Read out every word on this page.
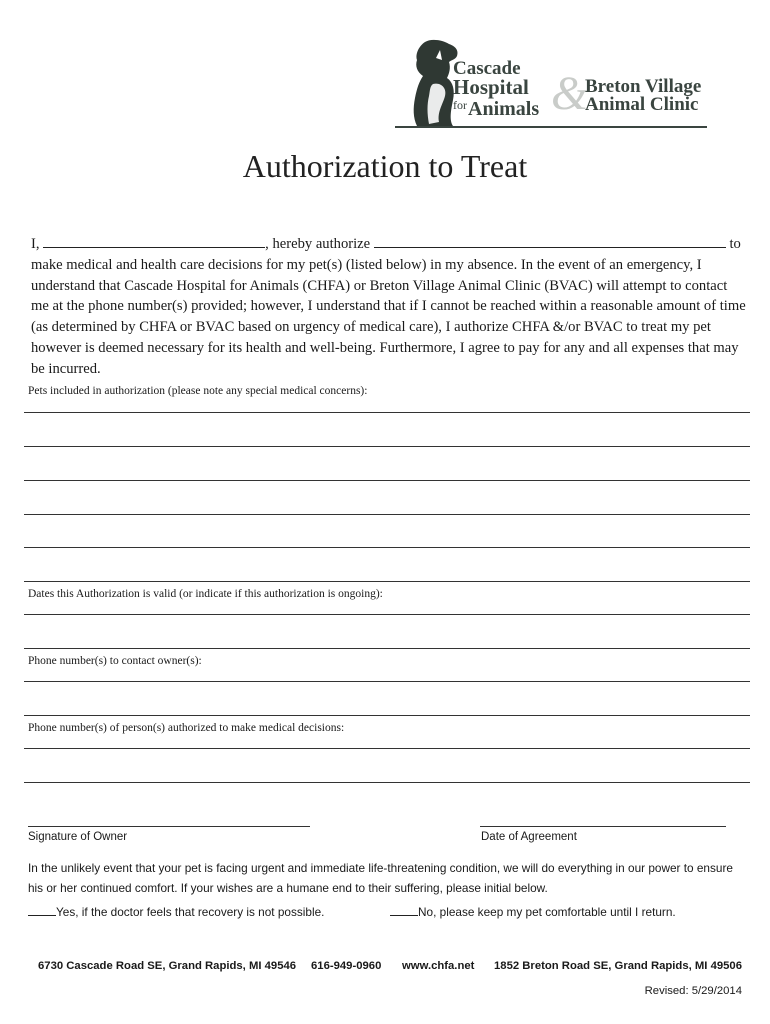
Cascade
Hospital
$^{for}$Animals &
Breton Village
Animal Clinic
Authorization to Treat
I,	, hereby authorize	to make medical and health care decisions for my pet(s) (listed below) in my absence. In the event of an emergency, I understand that Cascade Hospital for Animals (CHFA) or Breton Village Animal Clinic (BVAC) will attempt to contact me at the phone number(s) provided; however, I understand that if I cannot be reached within a reasonable amount of time (as determined by CHFA or BVAC based on urgency of medical care), I authorize CHFA &/or BVAC to treat my pet however is deemed necessary for its health and well-being. Furthermore, I agree to pay for any and all expenses that may be incurred.
Pets included in authorization (please note any special medical concerns):
Dates this Authorization is valid (or indicate if this authorization is ongoing):
Phone number(s) to contact owner(s):
Phone number(s) of person(s) authorized to make medical decisions:
Signature of Owner	Date of Agreement
In the unlikely event that your pet is facing urgent and immediate life-threatening condition, we will do everything in our power to ensure his or her continued comfort. If your wishes are a humane end to their suffering, please initial below.
Yes, if the doctor feels that recovery is not possible.	No, please keep my pet comfortable until I return.
6730 Cascade Road SE, Grand Rapids, MI 49546 616-949-0960 www.chfa.net 1852 Breton Road SE, Grand Rapids, MI 49506
Revised: 5/29/2014
